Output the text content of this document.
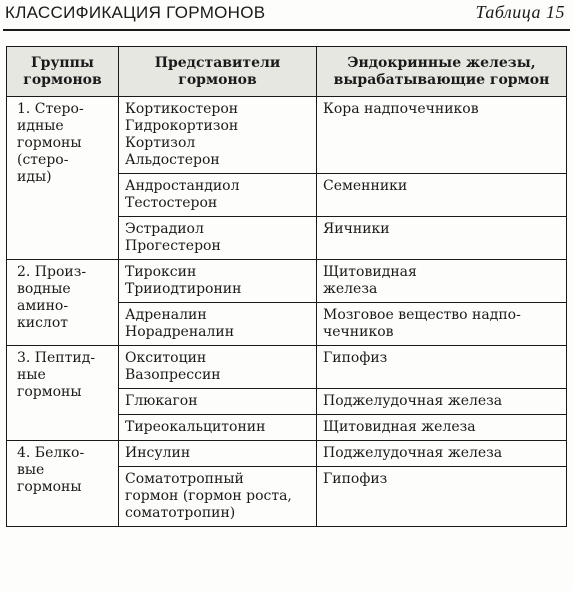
КЛАССИФИКАЦИЯ ГОРМОНОВ	Таблица 15
Группы
гормонов	Представители
гормонов	Эндокринные железы,
вырабатывающие гормон

1. Стеро-
идные
гормоны
(стеро-
иды)	Кортикостерон
Гидрокортизон
Кортизол
Альдостерон	Кора надпочечников

	Андростандиол
Тестостерон	Семенники

	Эстрадиол
Прогестерон	Яичники

2. Произ-
водные
амино-
кислот	Тироксин
Трииодтиронин	Щитовидная
железа

	Адреналин
Норадреналин	Мозговое вещество надпо-
чечников

3. Пептид-
ные
гормоны	Окситоцин
Вазопрессин	Гипофиз

	Глюкагон	Поджелудочная железа

	Тиреокальцитонин	Щитовидная железа

4. Белко-
вые
гормоны	Инсулин	Поджелудочная железа

	Соматотропный
гормон (гормон роста,
соматотропин)	Гипофиз
